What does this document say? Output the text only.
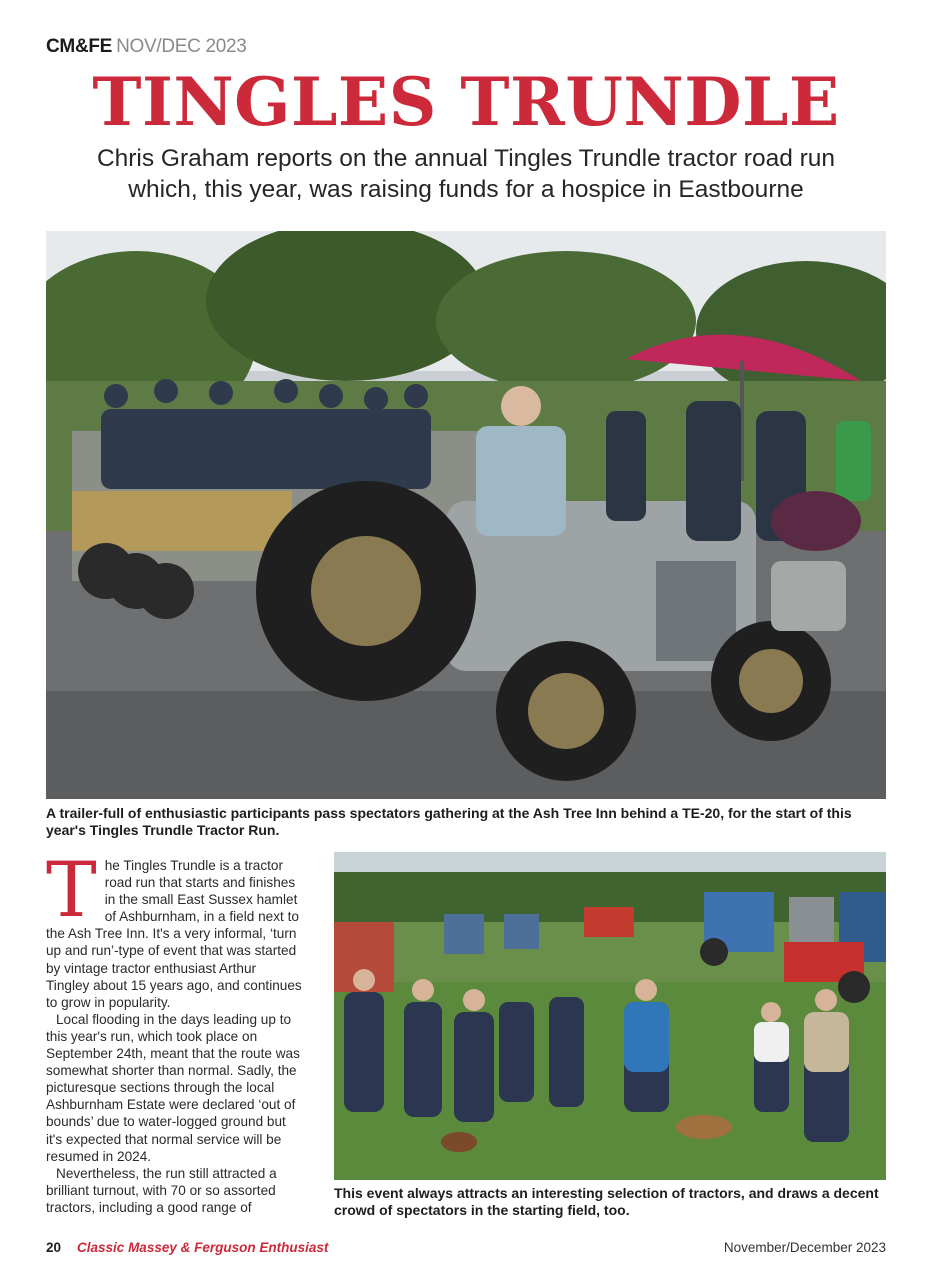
CM&FE NOV/DEC 2023
TINGLES TRUNDLE
Chris Graham reports on the annual Tingles Trundle tractor road run which, this year, was raising funds for a hospice in Eastbourne
A trailer-full of enthusiastic participants pass spectators gathering at the Ash Tree Inn behind a TE-20, for the start of this year's Tingles Trundle Tractor Run.

The Tingles Trundle is a tractor road run that starts and finishes in the small East Sussex hamlet of Ashburnham, in a field next to the Ash Tree Inn. It's a very informal, ‘turn up and run’-type of event that was started by vintage tractor enthusiast Arthur Tingley about 15 years ago, and continues to grow in popularity.

Local flooding in the days leading up to this year's run, which took place on September 24th, meant that the route was somewhat shorter than normal. Sadly, the picturesque sections through the local Ashburnham Estate were declared ‘out of bounds’ due to water-logged ground but it's expected that normal service will be resumed in 2024.

Nevertheless, the run still attracted a brilliant turnout, with 70 or so assorted tractors, including a good range of

This event always attracts an interesting selection of tractors, and draws a decent crowd of spectators in the starting field, too.
20 Classic Massey & Ferguson Enthusiast	November/December 2023
